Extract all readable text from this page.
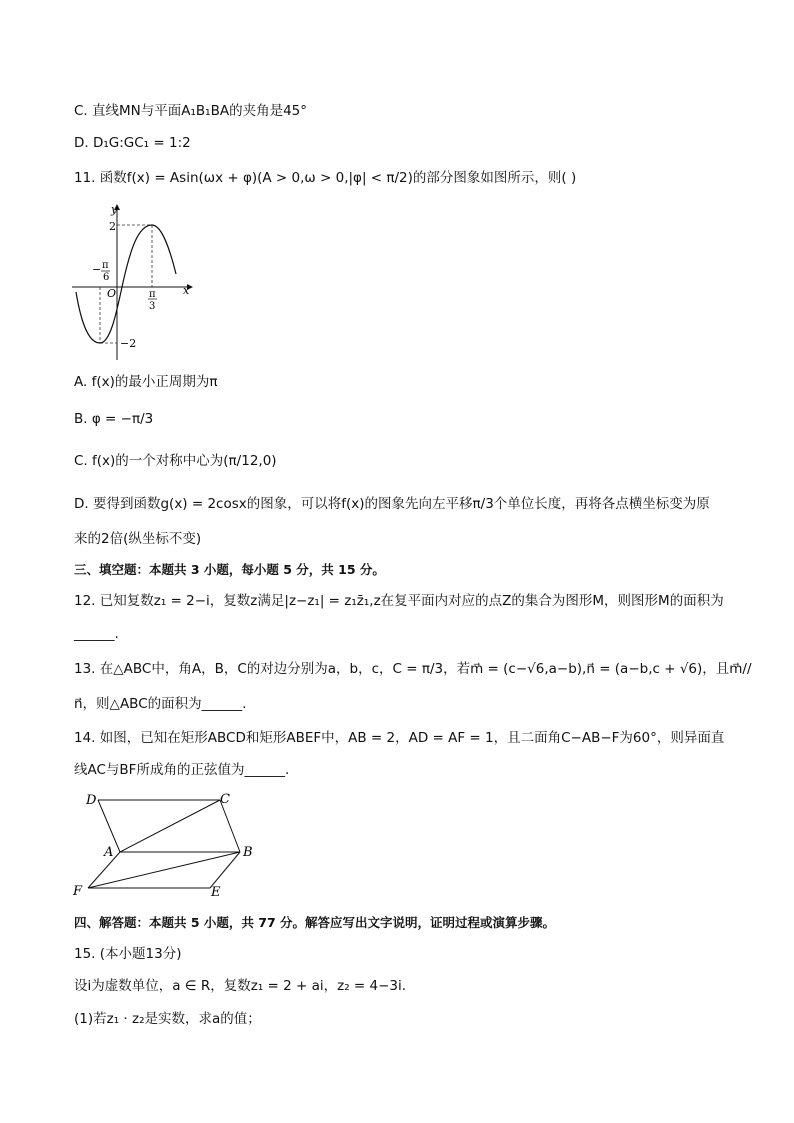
C. 直线MN与平面A₁B₁BA的夹角是45°
D. D₁G:GC₁ = 1:2
11. 函数f(x) = Asin(ωx + φ)(A > 0,ω > 0,|φ| < π/2)的部分图象如图所示，则( )
y
x
O
2
−2
− π
6
π
3
A. f(x)的最小正周期为π
B. φ = −π/3
C. f(x)的一个对称中心为(π/12,0)
D. 要得到函数g(x) = 2cosx的图象，可以将f(x)的图象先向左平移π/3个单位长度，再将各点横坐标变为原
来的2倍(纵坐标不变)
三、填空题：本题共 3 小题，每小题 5 分，共 15 分。
12. 已知复数z₁ = 2−i，复数z满足|z−z₁| = z₁z̄₁,z在复平面内对应的点Z的集合为图形M，则图形M的面积为
______.
13. 在△ABC中，角A，B，C的对边分别为a，b，c，C = π/3，若m⃗ = (c−√6,a−b),n⃗ = (a−b,c + √6)，且m⃗//
n⃗，则△ABC的面积为______.
14. 如图，已知在矩形ABCD和矩形ABEF中，AB = 2，AD = AF = 1，且二面角C−AB−F为60°，则异面直
线AC与BF所成角的正弦值为______.
D	C
A	B
F	E
四、解答题：本题共 5 小题，共 77 分。解答应写出文字说明，证明过程或演算步骤。
15. (本小题13分)
设i为虚数单位，a ∈ R，复数z₁ = 2 + ai，z₂ = 4−3i.
(1)若z₁ · z₂是实数，求a的值；
